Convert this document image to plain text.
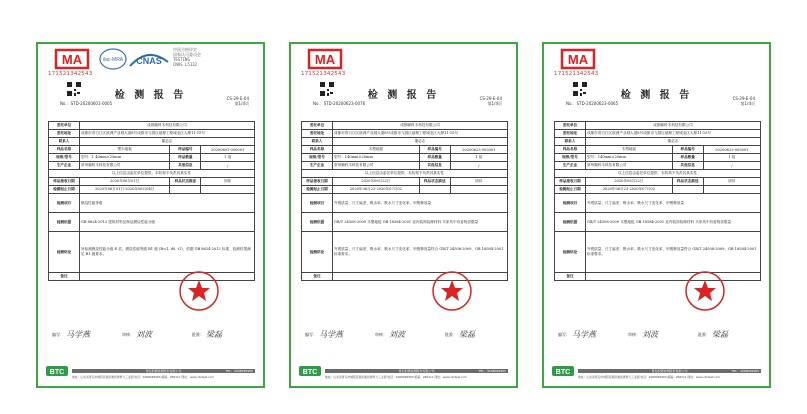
MA
171521342543
ilac-MRA CNAS
中国合格评定
国家认可委员会
TESTING
CNAS L5132
检 测 报 告
No.：STD-20200601-0005
CS-29-E-04
第1/4页
委托单位	成都顺科木科技有限公司		
委托地址	成都市青白江区欧洲产业城大道8号成都市飞园区地理工程城业区大厦11-15号		
联系人	董必志		
样品名称	塑木地板	样品编号	20200601-000001
规格/型号	型号：1 40mm×25mm	样品数量	1 组
生产企业	常州顺科木科技有限公司	其他信息	/
以上信息由委托单位提供，本机构不负责其真实性			
样品接收日期	2020年06月01日	样品状态描述	固体
检测起止日期	2020年06月01日-2020年06月04日		
检测项目	燃烧性能等级		
检测依据	GB 8624-2012 建筑材料及制品燃烧性能分级		
检测结论	所检测燃烧性能分级 E 类，燃烧性能等级 B1 级 (B-s1, d0, t1)，依据 GB 8624-2012 标准，检测结果满足 B1 级要求。		
备注			
编写： 马学燕	审核： 刘波	批准： 梁磊
BTC	青岛积德检测股份有限公司	TEL：4008065965
地址：山东省青岛市城阳区棘洪滩街道青大工业园 电话：4008065965 邮编：266111 网址：www.cbrtest.com
MA
171521342543
检 测 报 告
No.：STD-20200623-0076
CS-29-E-04
第1/4页
委托单位	成都顺科木科技有限公司		
委托地址	成都市青白江区欧洲产业城大道8号成都市飞园区地理工程城业区大厦11-15号		
联系人	董必志		
样品名称	木塑地板	样品编号	20200623-005001
规格/型号	型号：140mm×20mm	样品数量	1 组
生产企业	常州顺科木科技有限公司	其他信息	/
以上信息由委托单位提供，本机构不负责其真实性			
样品接收日期	2020年06月22日	样品状态描述	固体
检测起止日期	2020年06月23-2020年07月02		
检测项目	外观质量、尺寸偏差、吸水率、吸水尺寸变化率、甲醛释放量		
检测依据	GB/T 24508-2009 木塑地板 GB 18584-2001 室内装饰装修材料 木家具中有害物质限量		
检测结论	外观质量、尺寸偏差、吸水率、吸水尺寸变化率、甲醛释放量符合 GB/T 24508-2009、GB 18584-2001 标准要求。		
备注			
编写： 马学燕	审核： 刘波	批准： 梁磊
BTC	青岛积德检测股份有限公司	TEL：4008065965
地址：山东省青岛市城阳区棘洪滩街道青大工业园 电话：4008065965 邮编：266111 网址：www.cbrtest.com
MA
171521342543
检 测 报 告
No.：STD-20200623-0065
CS-29-E-04
第1/4页
委托单位	成都顺科木科技有限公司		
委托地址	成都市青白江区欧洲产业城大道8号成都市飞园区地理工程城业区大厦11-15号		
联系人	董必志		
样品名称	木塑地板	样品编号	20200623-005001
规格/型号	型号：140mm×20mm	样品数量	1 组
生产企业	常州顺科木科技有限公司	其他信息	/
以上信息由委托单位提供，本机构不负责其真实性			
样品接收日期	2020年06月22日	样品状态描述	固体
检测起止日期	2020年06月23-2020年07月02		
检测项目	外观质量、尺寸偏差、吸水率、吸水尺寸变化率、甲醛释放量		
检测依据	GB/T 24508-2009 木塑地板 GB 18584-2001 室内装饰装修材料 木家具中有害物质限量		
检测结论	外观质量、尺寸偏差、吸水率、吸水尺寸变化率、甲醛释放量符合 GB/T 24508-2009、GB 18584-2001 标准要求。		
备注			
编写： 马学燕	审核： 刘波	批准： 梁磊
BTC	青岛积德检测股份有限公司	TEL：4008065965
地址：山东省青岛市城阳区棘洪滩街道青大工业园 电话：4008065965 邮编：266111 网址：www.cbrtest.com
